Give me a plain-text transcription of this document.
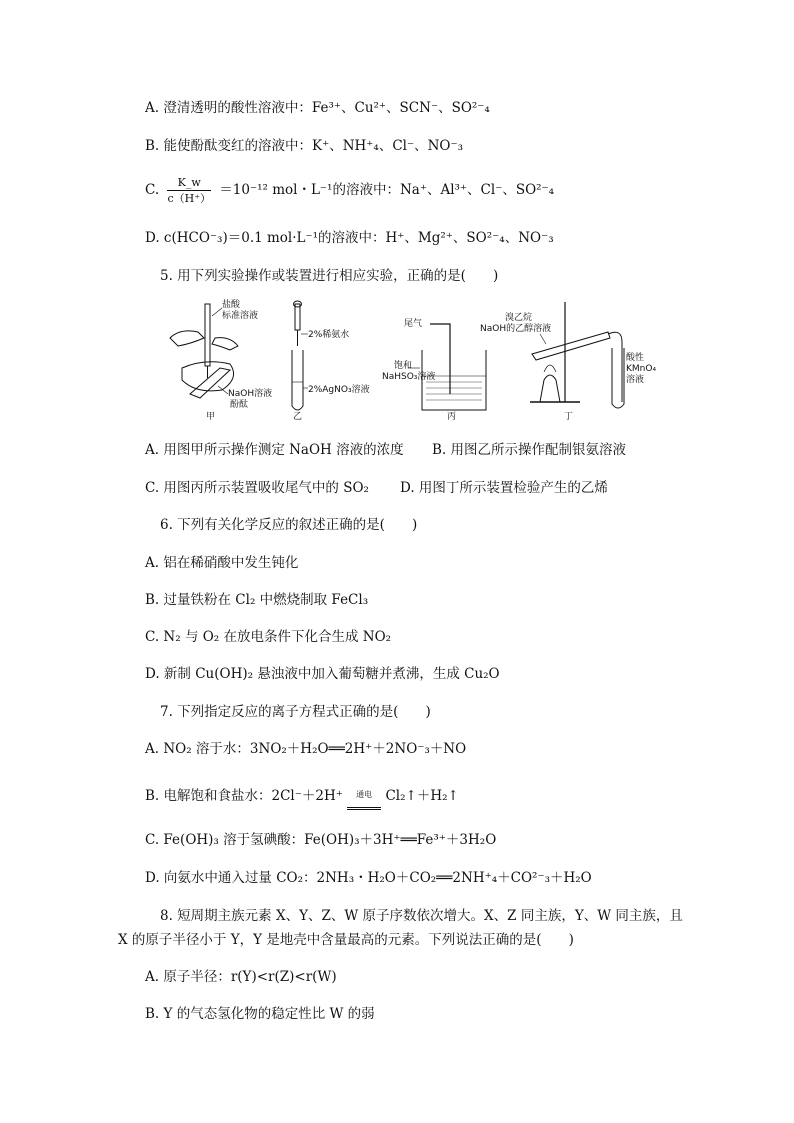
A. 澄清透明的酸性溶液中：Fe³⁺、Cu²⁺、SCN⁻、SO²⁻₄
B. 能使酚酞变红的溶液中：K⁺、NH⁺₄、Cl⁻、NO⁻₃
C. $\frac{K\_w}{c(H^+)} =10^{-12}$ mol・L⁻¹的溶液中：Na⁺、Al³⁺、Cl⁻、SO²⁻₄
D. c(HCO⁻₃)＝0.1 mol·L⁻¹的溶液中：H⁺、Mg²⁺、SO²⁻₄、NO⁻₃
5. 用下列实验操作或装置进行相应实验，正确的是(　　)
盐酸
标准溶液
NaOH溶液
酚酞
甲
2%稀氨水
2%AgNO₃溶液
乙
尾气
饱和
NaHSO₃溶液
丙
溴乙烷
NaOH的乙醇溶液
酸性
KMnO₄
溶液
丁
A. 用图甲所示操作测定 NaOH 溶液的浓度 B. 用图乙所示操作配制银氨溶液
C. 用图丙所示装置吸收尾气中的 SO₂ D. 用图丁所示装置检验产生的乙烯
6. 下列有关化学反应的叙述正确的是(　　)
A. 铝在稀硝酸中发生钝化
B. 过量铁粉在 Cl₂ 中燃烧制取 FeCl₃
C. N₂ 与 O₂ 在放电条件下化合生成 NO₂
D. 新制 Cu(OH)₂ 悬浊液中加入葡萄糖并煮沸，生成 Cu₂O
7. 下列指定反应的离子方程式正确的是(　　)
A. NO₂ 溶于水：3NO₂＋H₂O══2H⁺＋2NO⁻₃＋NO
B. 电解饱和食盐水：2Cl⁻＋2H⁺ 通电 Cl₂↑＋H₂↑
C. Fe(OH)₃ 溶于氢碘酸：Fe(OH)₃＋3H⁺══Fe³⁺＋3H₂O
D. 向氨水中通入过量 CO₂：2NH₃・H₂O＋CO₂══2NH⁺₄＋CO²⁻₃＋H₂O
8. 短周期主族元素 X、Y、Z、W 原子序数依次增大。X、Z 同主族，Y、W 同主族，且
X 的原子半径小于 Y，Y 是地壳中含量最高的元素。下列说法正确的是(　　)
A. 原子半径：r(Y)<r(Z)<r(W)
B. Y 的气态氢化物的稳定性比 W 的弱
